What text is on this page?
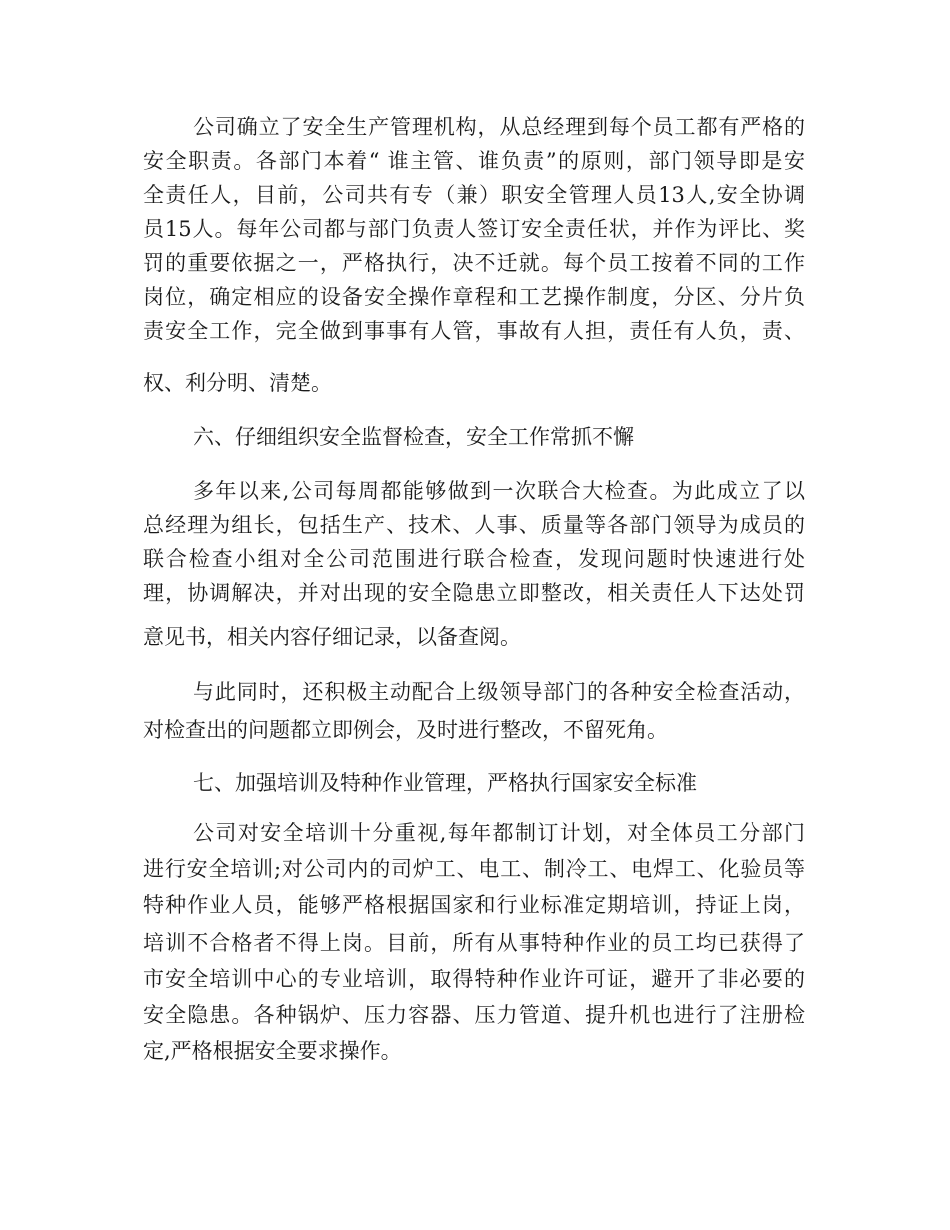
公司确立了安全生产管理机构，从总经理到每个员工都有严格的
安全职责。各部门本着“ 谁主管、谁负责”的原则，部门领导即是安
全责任人，目前，公司共有专（兼）职安全管理人员13人,安全协调
员15人。每年公司都与部门负责人签订安全责任状，并作为评比、奖
罚的重要依据之一，严格执行，决不迁就。每个员工按着不同的工作
岗位，确定相应的设备安全操作章程和工艺操作制度，分区、分片负
责安全工作，完全做到事事有人管，事故有人担，责任有人负，责、
权、利分明、清楚。
六、仔细组织安全监督检查，安全工作常抓不懈
多年以来,公司每周都能够做到一次联合大检查。为此成立了以
总经理为组长，包括生产、技术、人事、质量等各部门领导为成员的
联合检查小组对全公司范围进行联合检查，发现问题时快速进行处
理，协调解决，并对出现的安全隐患立即整改，相关责任人下达处罚
意见书，相关内容仔细记录，以备查阅。
与此同时，还积极主动配合上级领导部门的各种安全检查活动，
对检查出的问题都立即例会，及时进行整改，不留死角。
七、加强培训及特种作业管理，严格执行国家安全标准
公司对安全培训十分重视,每年都制订计划，对全体员工分部门
进行安全培训;对公司内的司炉工、电工、制冷工、电焊工、化验员等
特种作业人员，能够严格根据国家和行业标准定期培训，持证上岗，
培训不合格者不得上岗。目前，所有从事特种作业的员工均已获得了
市安全培训中心的专业培训，取得特种作业许可证，避开了非必要的
安全隐患。各种锅炉、压力容器、压力管道、提升机也进行了注册检
定,严格根据安全要求操作。
